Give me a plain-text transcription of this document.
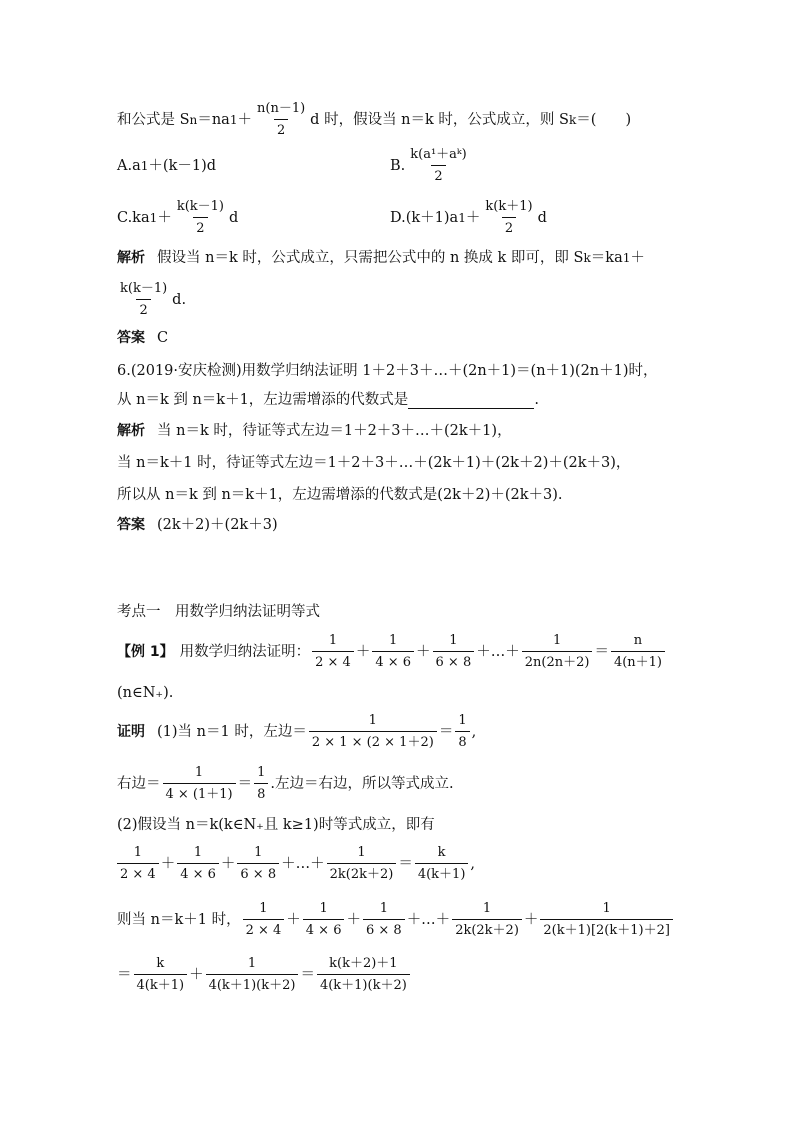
和公式是 S n ＝na $1 + \frac{n(n-1)}{2}$ d 时，假设当 n＝k 时，公式成立，则 S k ＝(　　)
A.a 1 ＋(k－1)d	B. $\frac{\text{k(a¹＋aᵏ)}}{2}$
C.ka $1 + \frac{k(k-1)}{2}$ d	D.(k＋1)a $1 + \frac{k(k+1)}{2}$ d
解析 假设当 n＝k 时，公式成立，只需把公式中的 n 换成 k 即可，即 S k ＝ka 1 ＋
$\frac{k(k-1)}{2} d$.
答案 C
6.(2019·安庆检测)用数学归纳法证明 1＋2＋3＋…＋(2n＋1)＝(n＋1)(2n＋1)时，
从 n＝k 到 n＝k＋1，左边需增添的代数式是	.
解析 当 n＝k 时，待证等式左边＝1＋2＋3＋…＋(2k＋1)，
当 n＝k＋1 时，待证等式左边＝1＋2＋3＋…＋(2k＋1)＋(2k＋2)＋(2k＋3)，
所以从 n＝k 到 n＝k＋1，左边需增添的代数式是(2k＋2)＋(2k＋3).
答案 (2k＋2)＋(2k＋3)
考点一　用数学归纳法证明等式
【例 1】 用数学归纳法证明： $\frac{1}{2 \times 4} + \frac{1}{4 \times 6} + \frac{1}{6 \times 8}$ ＋…＋ $\frac{1}{2n(2n+2)} = \frac{n}{4(n+1)}$
(n∈N₊).
证明 (1)当 n＝1 时，左边＝ $\frac{1}{2 \times 1 \times (2 \times 1+2)} = \frac{1}{8}$ ,
右边＝ $\frac{1}{4 \times (1+1)} = \frac{1}{8}$ .左边＝右边，所以等式成立.
(2)假设当 n＝k(k∈N₊且 k≥1)时等式成立，即有
$\frac{1}{2 \times 4} + \frac{1}{4 \times 6} + \frac{1}{6 \times 8}$ ＋…＋ $\frac{1}{2k(2k+2)} = \frac{k}{4(k+1)}$ ,
则当 n＝k＋1 时， $\frac{1}{2 \times 4} + \frac{1}{4 \times 6} + \frac{1}{6 \times 8}$ ＋…＋ $\frac{1}{2k(2k+2)} + \frac{1}{2(k+1)[2(k+1)+2]}$
＝ $\frac{k}{4(k+1)} + \frac{1}{4(k+1)(k+2)} = \frac{k(k+2)+1}{4(k+1)(k+2)}$
